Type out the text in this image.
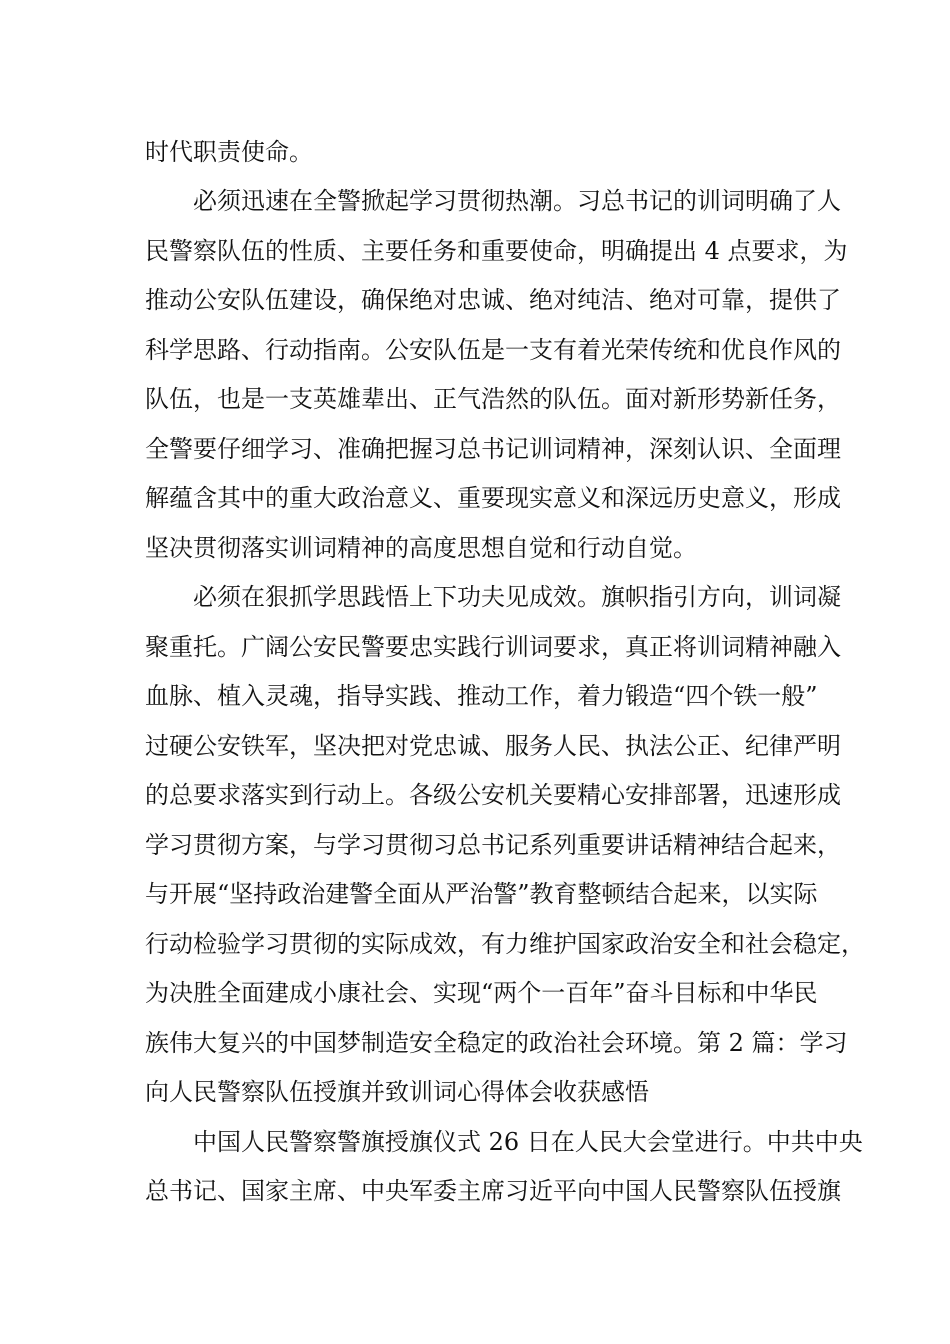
时代职责使命。
必须迅速在全警掀起学习贯彻热潮。习总书记的训词明确了人
民警察队伍的性质、主要任务和重要使命，明确提出 4 点要求，为
推动公安队伍建设，确保绝对忠诚、绝对纯洁、绝对可靠，提供了
科学思路、行动指南。公安队伍是一支有着光荣传统和优良作风的
队伍，也是一支英雄辈出、正气浩然的队伍。面对新形势新任务，
全警要仔细学习、准确把握习总书记训词精神，深刻认识、全面理
解蕴含其中的重大政治意义、重要现实意义和深远历史意义，形成
坚决贯彻落实训词精神的高度思想自觉和行动自觉。
必须在狠抓学思践悟上下功夫见成效。旗帜指引方向，训词凝
聚重托。广阔公安民警要忠实践行训词要求，真正将训词精神融入
血脉、植入灵魂，指导实践、推动工作，着力锻造“四个铁一般”
过硬公安铁军，坚决把对党忠诚、服务人民、执法公正、纪律严明
的总要求落实到行动上。各级公安机关要精心安排部署，迅速形成
学习贯彻方案，与学习贯彻习总书记系列重要讲话精神结合起来，
与开展“坚持政治建警全面从严治警”教育整顿结合起来，以实际
行动检验学习贯彻的实际成效，有力维护国家政治安全和社会稳定，
为决胜全面建成小康社会、实现“两个一百年”奋斗目标和中华民
族伟大复兴的中国梦制造安全稳定的政治社会环境。第 2 篇：学习
向人民警察队伍授旗并致训词心得体会收获感悟
中国人民警察警旗授旗仪式 26 日在人民大会堂进行。中共中央
总书记、国家主席、中央军委主席习近平向中国人民警察队伍授旗
